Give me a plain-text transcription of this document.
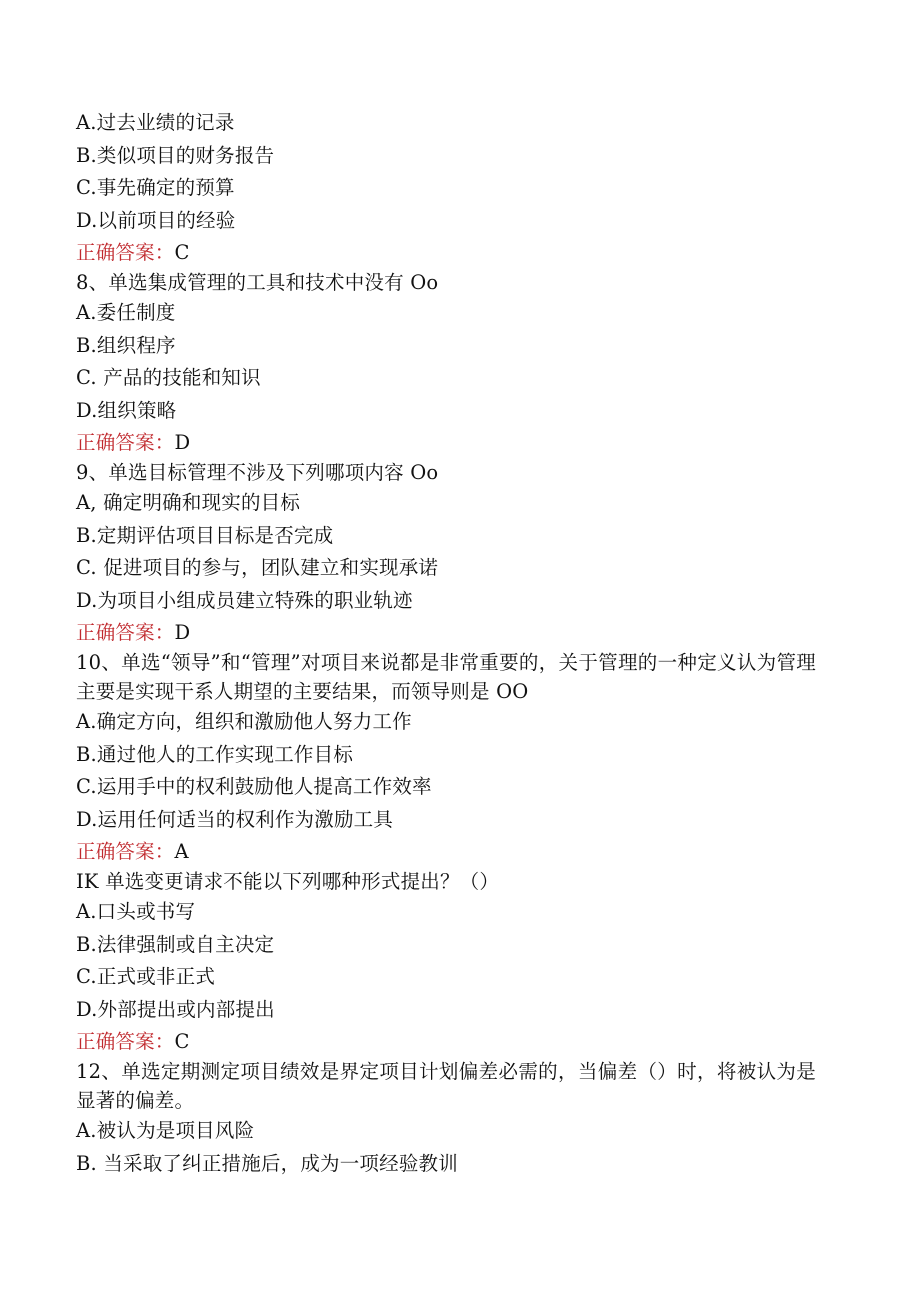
A.过去业绩的记录
B.类似项目的财务报告
C.事先确定的预算
D.以前项目的经验
正确答案：C
8、单选集成管理的工具和技术中没有 Oo
A.委任制度
B.组织程序
C. 产品的技能和知识
D.组织策略
正确答案：D
9、单选目标管理不涉及下列哪项内容 Oo
A, 确定明确和现实的目标
B.定期评估项目目标是否完成
C. 促进项目的参与，团队建立和实现承诺
D.为项目小组成员建立特殊的职业轨迹
正确答案：D
10、单选“领导”和“管理”对项目来说都是非常重要的，关于管理的一种定义认为管理主要是实现干系人期望的主要结果，而领导则是 OO
A.确定方向，组织和激励他人努力工作
B.通过他人的工作实现工作目标
C.运用手中的权利鼓励他人提高工作效率
D.运用任何适当的权利作为激励工具
正确答案：A
IK 单选变更请求不能以下列哪种形式提出？（）
A.口头或书写
B.法律强制或自主决定
C.正式或非正式
D.外部提出或内部提出
正确答案：C
12、单选定期测定项目绩效是界定项目计划偏差必需的，当偏差（）时，将被认为是显著的偏差。
A.被认为是项目风险
B. 当采取了纠正措施后，成为一项经验教训
